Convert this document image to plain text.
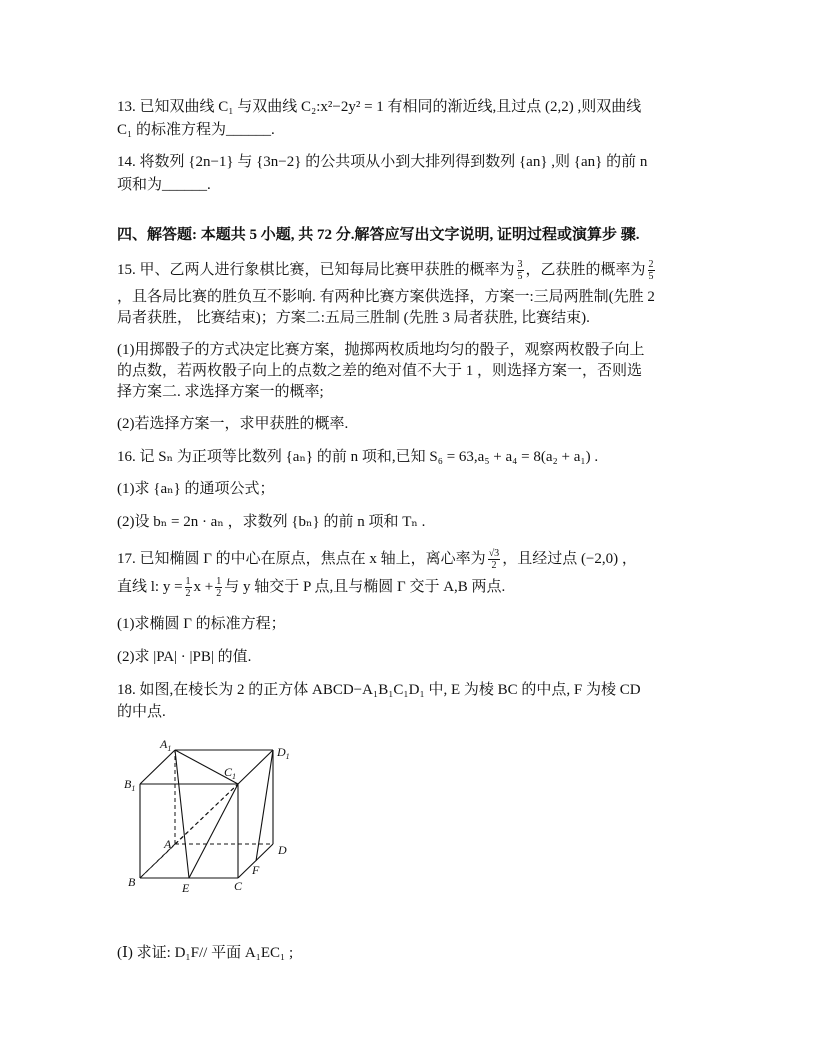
13. 已知双曲线 C₁ 与双曲线 C₂:x²−2y² = 1 有相同的渐近线,且过点 (2,2) ,则双曲线
C₁ 的标准方程为______.
14. 将数列 {2n−1} 与 {3n−2} 的公共项从小到大排列得到数列 {an} ,则 {an} 的前 n
项和为______.
四、解答题: 本题共 5 小题, 共 72 分.解答应写出文字说明, 证明过程或演算步 骤.
15. 甲、乙两人进行象棋比赛，已知每局比赛甲获胜的概率为 $\frac{3}{5}$ ，乙获胜的概率为 $\frac{2}{5}$
，且各局比赛的胜负互不影响. 有两种比赛方案供选择，方案一:三局两胜制(先胜 2
局者获胜， 比赛结束)；方案二:五局三胜制 (先胜 3 局者获胜, 比赛结束).
(1)用掷骰子的方式决定比赛方案，抛掷两枚质地均匀的骰子，观察两枚骰子向上
的点数，若两枚骰子向上的点数之差的绝对值不大于 1 ，则选择方案一，否则选
择方案二. 求选择方案一的概率;
(2)若选择方案一，求甲获胜的概率.
16. 记 Sₙ 为正项等比数列 {aₙ} 的前 n 项和,已知 S₆ = 63,a₅ + a₄ = 8(a₂ + a₁) .
(1)求 {aₙ} 的通项公式；
(2)设 bₙ = 2n · aₙ ，求数列 {bₙ} 的前 n 项和 Tₙ .
17. 已知椭圆 Γ 的中心在原点，焦点在 x 轴上，离心率为 $\frac{√3}{2}$ ，且经过点 (−2,0) ，
直线 l: $y = \frac{1}{2}$ $x + \frac{1}{2}$ 与 y 轴交于 P 点,且与椭圆 Γ 交于 A,B 两点.
(1)求椭圆 Γ 的标准方程；
(2)求 |PA| · |PB| 的值.
18. 如图,在棱长为 2 的正方体 ABCD−A₁B₁C₁D₁ 中, E 为棱 BC 的中点, F 为棱 CD
的中点.
$A_1$	$D_1$
$B_1$
$C_1$
A	D
B	C
E
F
(Ⅰ) 求证: D₁F// 平面 A₁EC₁ ;
